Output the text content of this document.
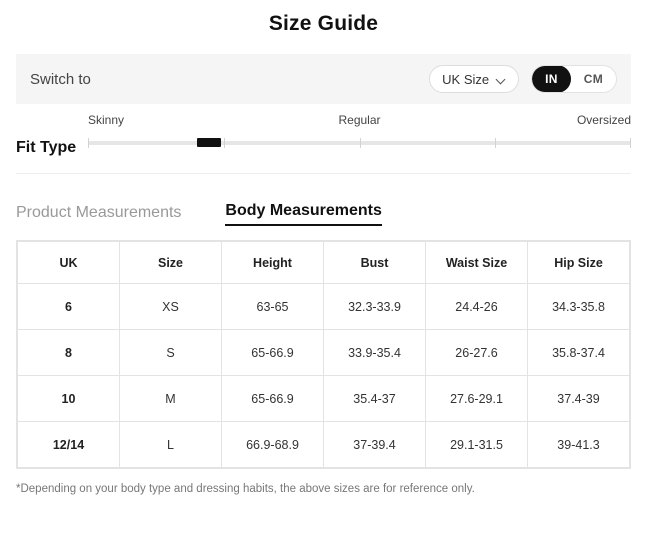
Size Guide
Switch to	UK Size	IN	CM
Fit Type
Skinny	Regular	Oversized
Product Measurements	Body Measurements
UK	Size	Height	Bust	Waist Size	Hip Size
6	XS	63-65	32.3-33.9	24.4-26	34.3-35.8
8	S	65-66.9	33.9-35.4	26-27.6	35.8-37.4
10	M	65-66.9	35.4-37	27.6-29.1	37.4-39
12/14	L	66.9-68.9	37-39.4	29.1-31.5	39-41.3
*Depending on your body type and dressing habits, the above sizes are for reference only.
